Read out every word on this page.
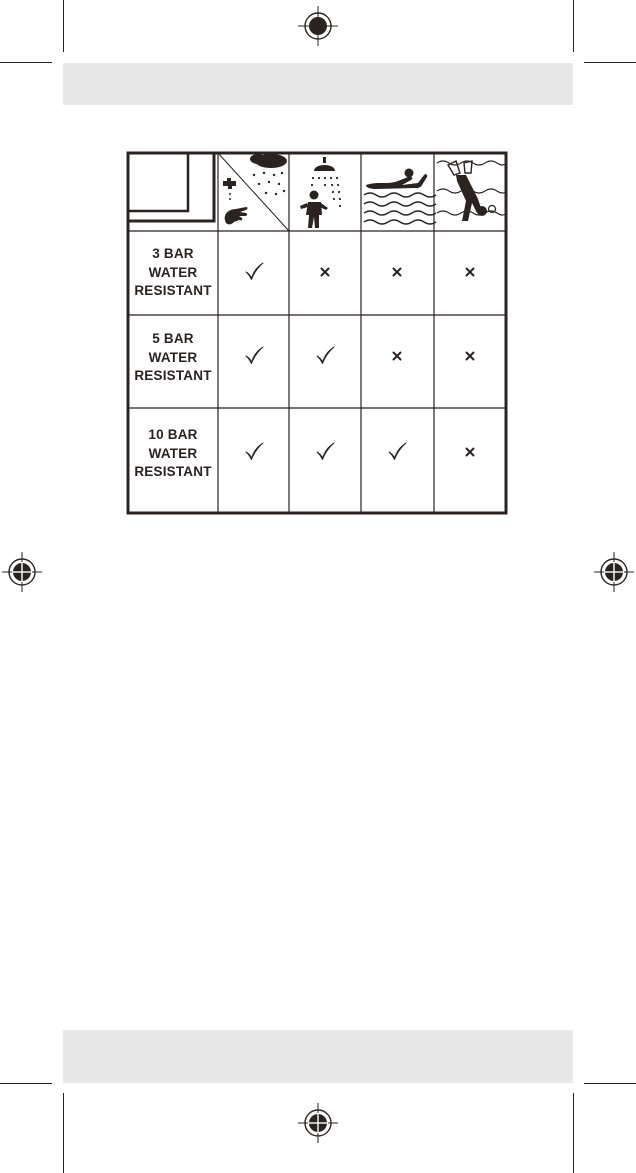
3 BAR
WATER
RESISTANT
5 BAR
WATER
RESISTANT
10 BAR
WATER
RESISTANT
